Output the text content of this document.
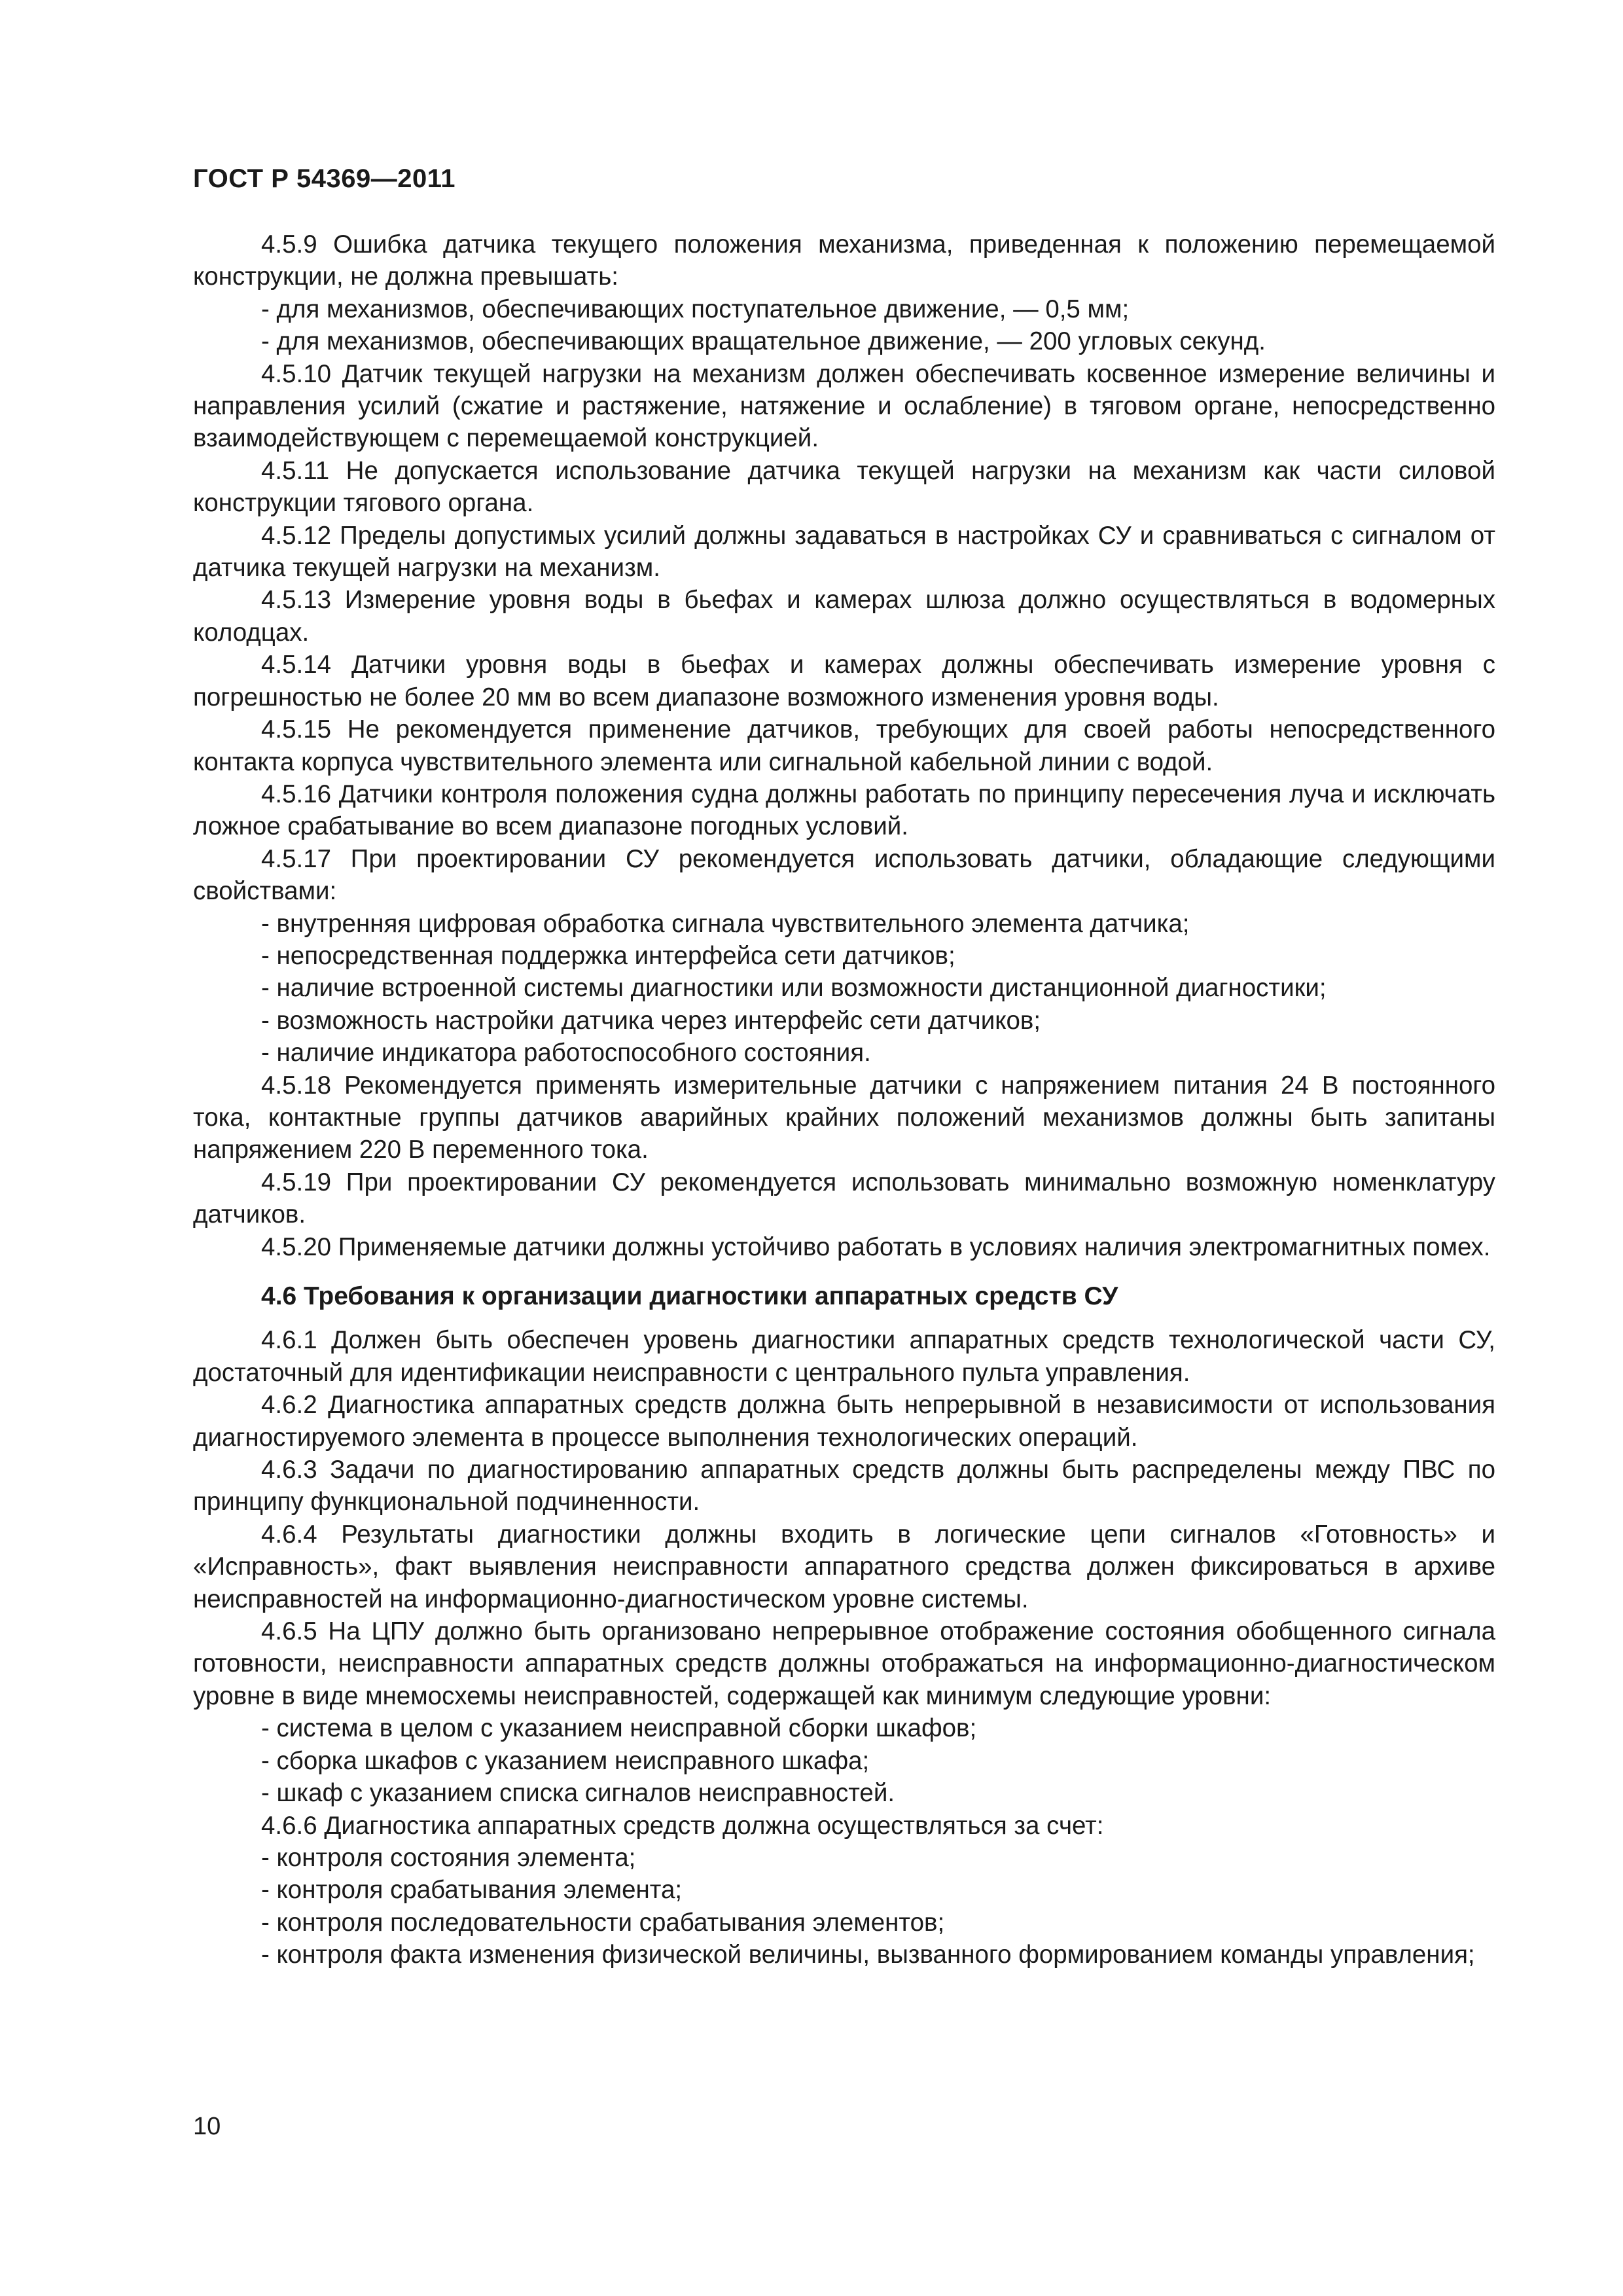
ГОСТ Р 54369—2011

4.5.9 Ошибка датчика текущего положения механизма, приведенная к положению перемещаемой конструкции, не должна превышать:

- для механизмов, обеспечивающих поступательное движение, — 0,5 мм;

- для механизмов, обеспечивающих вращательное движение, — 200 угловых секунд.

4.5.10 Датчик текущей нагрузки на механизм должен обеспечивать косвенное измерение величины и направления усилий (сжатие и растяжение, натяжение и ослабление) в тяговом органе, непосредственно взаимодействующем с перемещаемой конструкцией.

4.5.11 Не допускается использование датчика текущей нагрузки на механизм как части силовой конструкции тягового органа.

4.5.12 Пределы допустимых усилий должны задаваться в настройках СУ и сравниваться с сигналом от датчика текущей нагрузки на механизм.

4.5.13 Измерение уровня воды в бьефах и камерах шлюза должно осуществляться в водомерных колодцах.

4.5.14 Датчики уровня воды в бьефах и камерах должны обеспечивать измерение уровня с погрешностью не более 20 мм во всем диапазоне возможного изменения уровня воды.

4.5.15 Не рекомендуется применение датчиков, требующих для своей работы непосредственного контакта корпуса чувствительного элемента или сигнальной кабельной линии с водой.

4.5.16 Датчики контроля положения судна должны работать по принципу пересечения луча и исключать ложное срабатывание во всем диапазоне погодных условий.

4.5.17 При проектировании СУ рекомендуется использовать датчики, обладающие следующими свойствами:

- внутренняя цифровая обработка сигнала чувствительного элемента датчика;

- непосредственная поддержка интерфейса сети датчиков;

- наличие встроенной системы диагностики или возможности дистанционной диагностики;

- возможность настройки датчика через интерфейс сети датчиков;

- наличие индикатора работоспособного состояния.

4.5.18 Рекомендуется применять измерительные датчики с напряжением питания 24 В постоянного тока, контактные группы датчиков аварийных крайних положений механизмов должны быть запитаны напряжением 220 В переменного тока.

4.5.19 При проектировании СУ рекомендуется использовать минимально возможную номенклатуру датчиков.

4.5.20 Применяемые датчики должны устойчиво работать в условиях наличия электромагнитных помех.

4.6 Требования к организации диагностики аппаратных средств СУ

4.6.1 Должен быть обеспечен уровень диагностики аппаратных средств технологической части СУ, достаточный для идентификации неисправности с центрального пульта управления.

4.6.2 Диагностика аппаратных средств должна быть непрерывной в независимости от использования диагностируемого элемента в процессе выполнения технологических операций.

4.6.3 Задачи по диагностированию аппаратных средств должны быть распределены между ПВС по принципу функциональной подчиненности.

4.6.4 Результаты диагностики должны входить в логические цепи сигналов «Готовность» и «Исправность», факт выявления неисправности аппаратного средства должен фиксироваться в архиве неисправностей на информационно-диагностическом уровне системы.

4.6.5 На ЦПУ должно быть организовано непрерывное отображение состояния обобщенного сигнала готовности, неисправности аппаратных средств должны отображаться на информационно-диагностическом уровне в виде мнемосхемы неисправностей, содержащей как минимум следующие уровни:

- система в целом с указанием неисправной сборки шкафов;

- сборка шкафов с указанием неисправного шкафа;

- шкаф с указанием списка сигналов неисправностей.

4.6.6 Диагностика аппаратных средств должна осуществляться за счет:

- контроля состояния элемента;

- контроля срабатывания элемента;

- контроля последовательности срабатывания элементов;

- контроля факта изменения физической величины, вызванного формированием команды управления;

10
